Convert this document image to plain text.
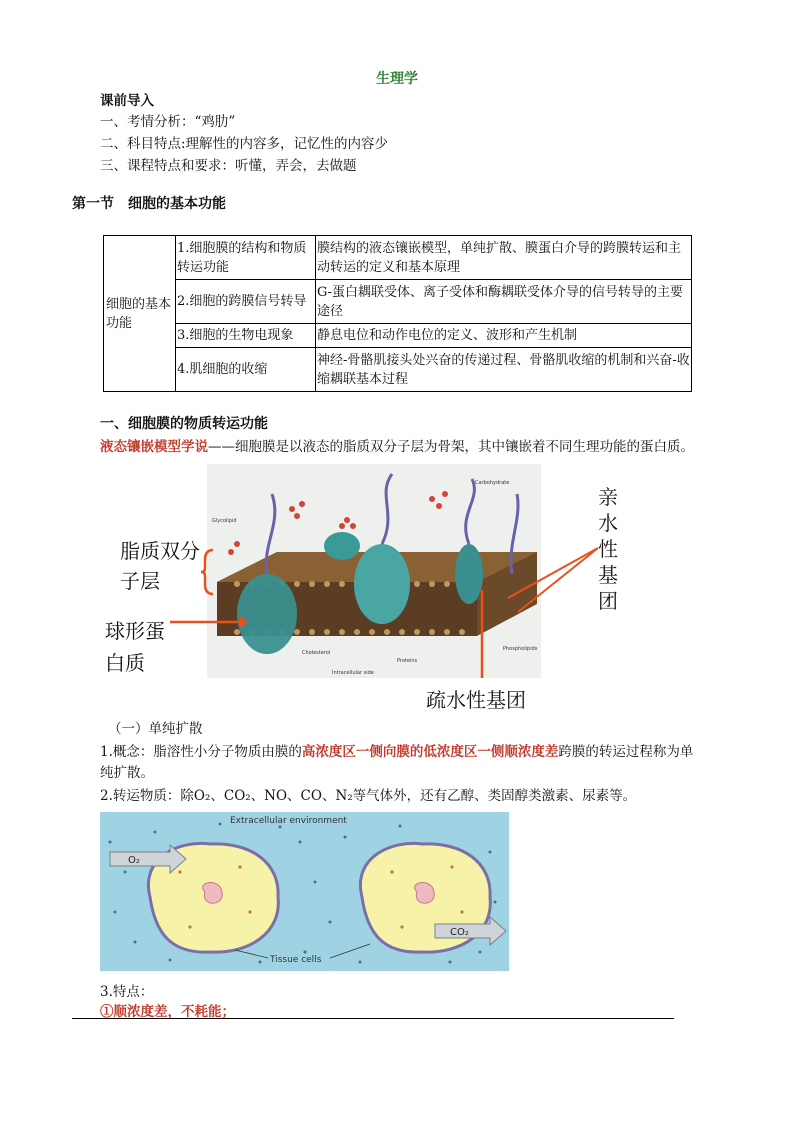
生理学
课前导入
一、考情分析：“鸡肋”
二、科目特点:理解性的内容多，记忆性的内容少
三、课程特点和要求：听懂，弄会，去做题
第一节　细胞的基本功能
细胞的基本功能	1.细胞膜的结构和物质转运功能	膜结构的液态镶嵌模型，单纯扩散、膜蛋白介导的跨膜转运和主动转运的定义和基本原理
	2.细胞的跨膜信号转导	G-蛋白耦联受体、离子受体和酶耦联受体介导的信号转导的主要途径
	3.细胞的生物电现象	静息电位和动作电位的定义、波形和产生机制
	4.肌细胞的收缩	神经-骨骼肌接头处兴奋的传递过程、骨骼肌收缩的机制和兴奋-收缩耦联基本过程
一、细胞膜的物质转运功能
液态镶嵌模型学说——细胞膜是以液态的脂质双分子层为骨架，其中镶嵌着不同生理功能的蛋白质。
Glycolipid
Carbohydrate
Cholesterol
Proteins
Intracellular side
Phospholipids
脂质双分子层
球形蛋白质
亲水性基团
疏水性基团
（一）单纯扩散
1.概念：脂溶性小分子物质由膜的高浓度区一侧向膜的低浓度区一侧顺浓度差跨膜的转运过程称为单
纯扩散。
2.转运物质：除O₂、CO₂、NO、CO、N₂等气体外，还有乙醇、类固醇类激素、尿素等。
O₂
CO₂
Extracellular environment
Tissue cells
3.特点：
①顺浓度差，不耗能；
